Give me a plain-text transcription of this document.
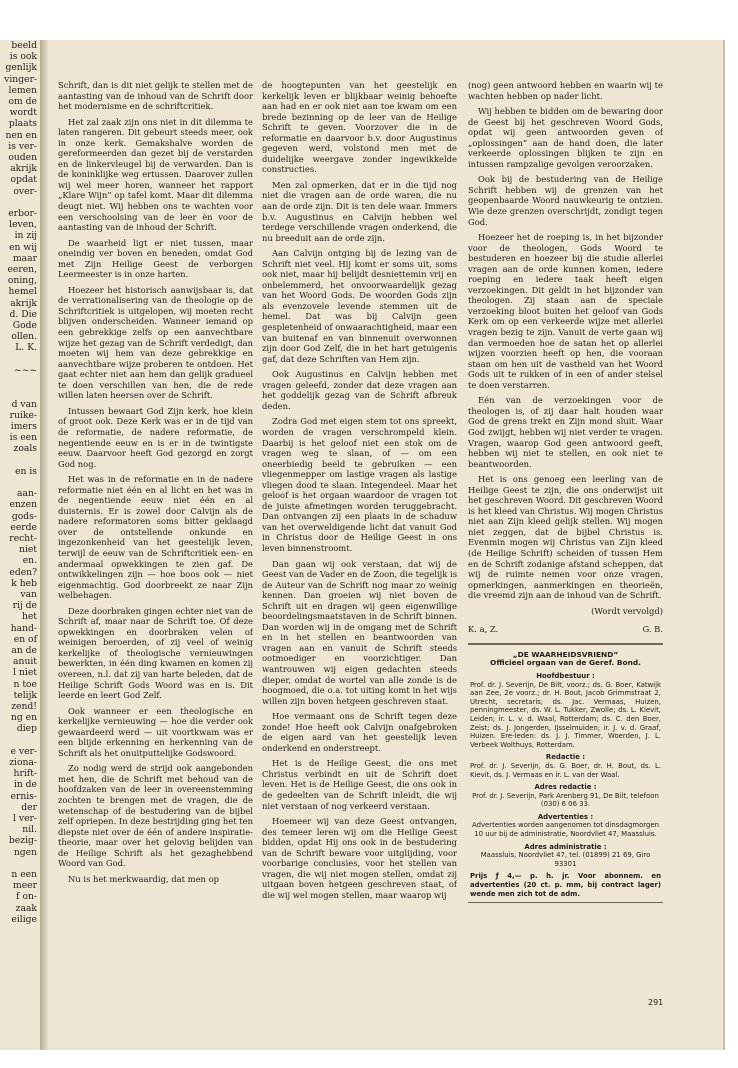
beeld
is ook
genlijk
vinger-
lemen
om de
wordt
plaats
nen en
is ver-
ouden
akrijk
opdat
over-

erbor-
leven,
in zij
en wij
maar
eeren,
oning,
hemel
akrijk
d. Die
Gode
ollen.
L. K.

~~~

d van
ruike-
imers
is een
zoals

en is

aan-
enzen
gods-
eerde
recht-
niet
en.
eden?
k heb
van
rij de
het
hand-
en of
an de
anuit
l niet
n toe
telijk
zend!
ng en
diep

e ver-
ziona-
hrift-
in de
ernis-
der
l ver-
nil.
bezig-
ngen

n een
meer
f on-
zaak
eilige

Schrift, dan is dit niet gelijk te stellen met de aantasting van de inhoud van de Schrift door het modernisme en de schriftcritiek.

Het zal zaak zijn ons niet in dit dilemma te laten rangeren. Dit gebeurt steeds meer, ook in onze kerk. Gemakshalve worden de gereformeerden dan gezet bij de verstarden en de linkervleugel bij de verwarden. Dan is de koninklijke weg ertussen. Daarover zullen wij wel meer horen, wanneer het rapport „Klare Wijn” op tafel komt. Maar dit dilemma deugt niet. Wij hebben ons te wachten voor een verschoolsing van de leer èn voor de aantasting van de inhoud der Schrift.

De waarheid ligt er niet tussen, maar oneindig ver boven en beneden, omdat God met Zijn Heilige Geest de verborgen Leermeester is in onze harten.

Hoezeer het historisch aanwijsbaar is, dat de verrationalisering van de theologie op de Schriftcritiek is uitgelopen, wij moeten recht blijven onderscheiden. Wanneer iemand op een gebrekkige zelfs op een aanvechtbare wijze het gezag van de Schrift verdedigt, dan moeten wij hem van deze gebrekkige en aanvechtbare wijze proberen te ontdoen. Het gaat echter niet aan hem dan gelijk gradueel te doen verschillen van hen, die de rede willen laten heersen over de Schrift.

Intussen bewaart God Zijn kerk, hoe klein of groot ook. Deze Kerk was er in de tijd van de reformatie, de nadere reformatie, de negentiende eeuw en is er in de twintigste eeuw. Daarvoor heeft God gezorgd en zorgt God nog.

Het was in de reformatie en in de nadere reformatie niet één en al licht en het was in de negentiende eeuw niet één en al duisternis. Er is zowel door Calvijn als de nadere reformatoren soms bitter geklaagd over de ontstellende onkunde en ingezonkenheid van het geestelijk leven, terwijl de eeuw van de Schriftcritiek een- en andermaal opwekkingen te zien gaf. De ontwikkelingen zijn — hoe boos ook — niet eigenmachtig. God doorbreekt ze naar Zijn welbehagen.

Deze doorbraken gingen echter niet van de Schrift af, maar naar de Schrift toe. Of deze opwekkingen en doorbraken velen of weinigen beroerden, of zij veel of weinig kerkelijke of theologische vernieuwingen bewerkten, in één ding kwamen en komen zij overeen, n.l. dat zij van harte beleden, dat de Heilige Schrift Gods Woord was en is. Dit leerde en leert God Zelf.

Ook wanneer er een theologische en kerkelijke vernieuwing — hoe die verder ook gewaardeerd werd — uit voortkwam was er een blijde erkenning en herkenning van de Schrift als het onuitputtelijke Godswoord.

Zo nodig werd de strijd ook aangebonden met hen, die de Schrift met behoud van de hoofdzaken van de leer in overeenstemming zochten te brengen met de vragen, die de wetenschap of de bestudering van de bijbel zelf opriepen. In deze bestrijding ging het ten diepste niet over de één of andere inspiratie-theorie, maar over het gelovig belijden van de Heilige Schrift als het gezaghebbend Woord van God.

Nu is het merkwaardig, dat men op

de hoogtepunten van het geestelijk en kerkelijk leven er blijkbaar weinig behoefte aan had en er ook niet aan toe kwam om een brede bezinning op de leer van de Heilige Schrift te geven. Voorzover die in de reformatie en daarvoor b.v. door Augustinus gegeven werd, volstond men met de duidelijke weergave zonder ingewikkelde constructies.

Men zal opmerken, dat er in die tijd nog niet die vragen aan de orde waren, die nu aan de orde zijn. Dit is ten dele waar. Immers b.v. Augustinus en Calvijn hebben wel terdege verschillende vragen onderkend, die nu breeduit aan de orde zijn.

Aan Calvijn ontging bij de lezing van de Schrift niet veel. Hij komt er soms uit, soms ook niet, maar hij belijdt desniettemin vrij en onbelemmerd, het onvoorwaardelijk gezag van het Woord Gods. De woorden Gods zijn als evenzovele levende stemmen uit de hemel. Dat was bij Calvijn geen gespletenheid of onwaarachtigheid, maar een van buitenaf en van binnenuit overwonnen zijn door God Zelf, die in het hart getuigenis gaf, dat deze Schriften van Hem zijn.

Ook Augustinus en Calvijn hebben met vragen geleefd, zonder dat deze vragen aan het goddelijk gezag van de Schrift afbreuk deden.

Zodra God met eigen stem tot ons spreekt, worden de vragen verschrompeld klein. Daarbij is het geloof niet een stok om de vragen weg te slaan, of — om een oneerbiedig beeld te gebruiken — een vliegenmepper om lastige vragen als lastige vliegen dood te slaan. Integendeel. Maar het geloof is het orgaan waardoor de vragen tot de juiste afmetingen worden teruggebracht. Dan ontvangen zij een plaats in de schaduw van het overweldigende licht dat vanuit God in Christus door de Heilige Geest in ons leven binnenstroomt.

Dan gaan wij ook verstaan, dat wij de Geest van de Vader en de Zoon, die tegelijk is de Auteur van de Schrift nog maar zo weinig kennen. Dan groeien wij niet boven de Schrift uit en dragen wij geen eigenwillige beoordelingsmaatstaven in de Schrift binnen. Dan worden wij in de omgang met de Schrift en in het stellen en beantwoorden van vragen aan en vanuit de Schrift steeds ootmoediger en voorzichtiger. Dan wantrouwen wij eigen gedachten steeds dieper, omdat de wortel van alle zonde is de hoogmoed, die o.a. tot uiting komt in het wijs willen zijn boven hetgeen geschreven staat.

Hoe vermaant ons de Schrift tegen deze zonde! Hoe heeft ook Calvijn onafgebroken de eigen aard van het geestelijk leven onderkend en onderstreept.

Het is de Heilige Geest, die ons met Christus verbindt en uit de Schrift doet leven. Het is de Heilige Geest, die ons ook in de gedeelten van de Schrift inleidt, die wij niet verstaan of nog verkeerd verstaan.

Hoemeer wij van deze Geest ontvangen, des temeer leren wij om die Heilige Geest bidden, opdat Hij ons ook in de bestudering van de Schrift beware voor uitglijding, voor voorbarige conclusies, voor het stellen van vragen, die wij niet mogen stellen, omdat zij uitgaan boven hetgeen geschreven staat, of die wij wel mogen stellen, maar waarop wij

(nog) geen antwoord hebben en waarin wij te wachten hebben op nader licht.

Wij hebben te bidden om de bewaring door de Geest bij het geschreven Woord Gods, opdat wij geen antwoorden geven of „oplossingen” aan de hand doen, die later verkeerde oplossingen blijken te zijn en intussen rampzalige gevolgen veroorzaken.

Ook bij de bestudering van de Heilige Schrift hebben wij de grenzen van het geopenbaarde Woord nauwkeurig te ontzien. Wie deze grenzen overschrijdt, zondigt tegen God.

Hoezeer het de roeping is, in het bijzonder voor de theologen, Gods Woord te bestuderen en hoezeer bij die studie allerlei vragen aan de orde kunnen komen, iedere roeping en iedere taak heeft eigen verzoekingen. Dit geldt in het bijzonder van theologen. Zij staan aan de speciale verzoeking bloot buiten het geloof van Gods Kerk om op een verkeerde wijze met allerlei vragen bezig te zijn. Vanuit de verte gaan wij dan vermoeden hoe de satan het op allerlei wijzen voorzien heeft op hen, die vooraan staan om hen uit de vastheid van het Woord Gods uit te rukken of in een of ander stelsel te doen verstarren.

Eén van de verzoekingen voor de theologen is, of zij daar halt houden waar God de grens trekt en Zijn mond sluit. Waar God zwijgt, hebben wij niet verder te vragen. Vragen, waarop God geen antwoord geeft, hebben wij niet te stellen, en ook niet te beantwoorden.

Het is ons genoeg een leerling van de Heilige Geest te zijn, die ons onderwijst uit het geschreven Woord. Dit geschreven Woord is het kleed van Christus. Wij mogen Christus niet aan Zijn kleed gelijk stellen. Wij mogen niet zeggen, dat de bijbel Christus is. Evenmin mogen wij Christus van Zijn kleed (de Heilige Schrift) scheiden of tussen Hem en de Schrift zodanige afstand scheppen, dat wij de ruimte nemen voor onze vragen, opmerkingen, aanmerkingen en theorieën, die vreemd zijn aan de inhoud van de Schrift.

(Wordt vervolgd)

K. a, Z.	G. B.
„DE WAARHEIDSVRIEND”
Officieel orgaan van de Geref. Bond.
Hoofdbestuur :
Prof. dr. J. Severijn, De Bilt, voorz.; ds. G. Boer, Katwijk aan Zee, 2e voorz.; dr. H. Bout, Jacob Grimmstraat 2, Utrecht, secretaris; ds. Jac. Vermaas, Huizen, penningmeester, ds. W. L. Tukker, Zwolle; ds. L. Kievit, Leiden; ir. L. v. d. Waal, Rotterdam; ds. C. den Boer, Zeist; ds. J. Jongerden, IJsselmuiden; ir. J. v. d. Graaf, Huizen. Ere-leden: ds. J. J. Timmer, Woerden, J. L. Verbeek Wolthuys, Rotterdam.
Redactie :
Prof. dr. J. Severijn, ds. G. Boer, dr. H. Bout, ds. L. Kievit, ds. J. Vermaas en ir. L. van der Waal.
Adres redactie :
Prof. dr. J. Severijn, Park Arenberg 91, De Bilt, telefoon (030) 6 06 33.
Advertenties :
Advertenties worden aangenomen tot dinsdagmorgen 10 uur bij de administratie, Noordvliet 47, Maassluis.
Adres administratie :
Maassluis, Noordvliet 47, tel. (01899) 21 69, Giro 93301
Prijs ƒ 4,— p. h. jr. Voor abonnem. en advertenties (20 ct. p. mm, bij contract lager) wende men zich tot de adm.
291
